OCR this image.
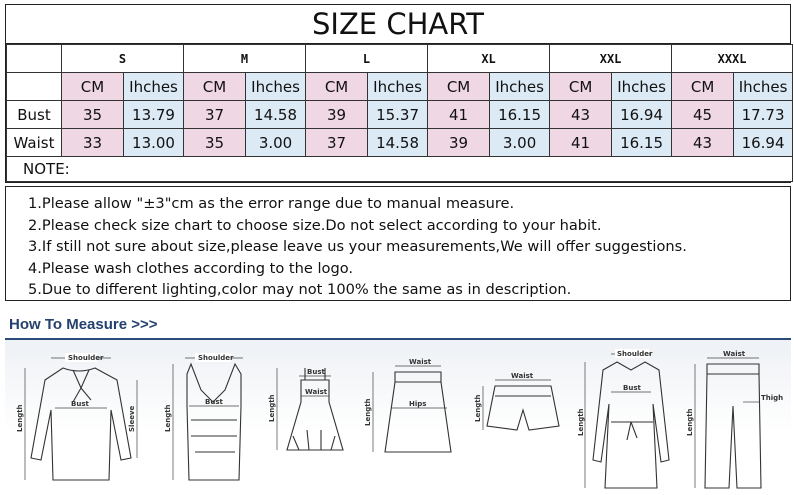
SIZE CHART
	S		M		L		XL		XXL		XXXL	
	CM	Ihches	CM	Ihches	CM	Ihches	CM	Ihches	CM	Ihches	CM	Ihches
Bust	35	13.79	37	14.58	39	15.37	41	16.15	43	16.94	45	17.73
Waist	33	13.00	35	3.00	37	14.58	39	3.00	41	16.15	43	16.94
NOTE:												
1.Please allow "±3"cm as the error range due to manual measure.
2.Please check size chart to choose size.Do not select according to your habit.
3.If still not sure about size,please leave us your measurements,We will offer suggestions.
4.Please wash clothes according to the logo.
5.Due to different lighting,color may not 100% the same as in description.
How To Measure >>>
Shoulder
Bust
Length	Sleeve
Shoulder
Bust
Length
Bust
Waist
Length
Waist
Hips
Length
Waist
Length
Shoulder
Bust
Length
Waist
Thigh
Length
